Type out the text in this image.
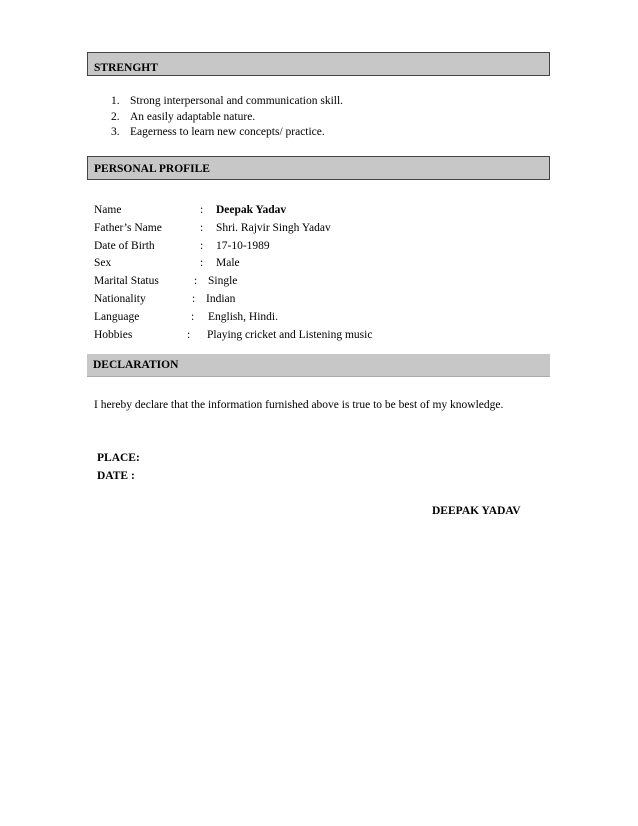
STRENGHT
1. Strong interpersonal and communication skill.
2. An easily adaptable nature.
3. Eagerness to learn new concepts/ practice.
PERSONAL PROFILE
Name	: Deepak Yadav
Father’s Name	: Shri. Rajvir Singh Yadav
Date of Birth	: 17-10-1989
Sex	: Male
Marital Status	: Single
Nationality	: Indian
Language	: English, Hindi.
Hobbies	: Playing cricket and Listening music
DECLARATION
I hereby declare that the information furnished above is true to be best of my knowledge.
PLACE:
DATE :
DEEPAK YADAV
